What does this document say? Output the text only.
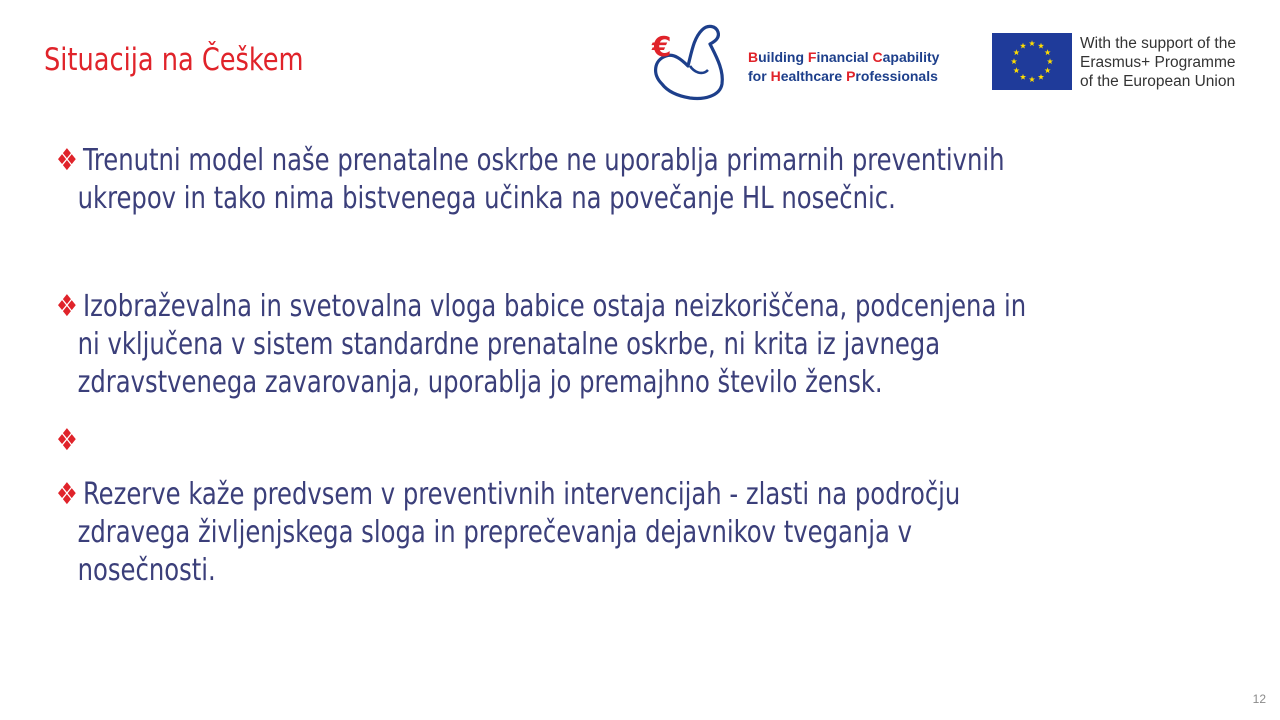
Situacija na Češkem	€	Building Financial Capability
for Healthcare Professionals
With the support of the
Erasmus+ Programme
of the European Union
❖ Trenutni model naše prenatalne oskrbe ne uporablja primarnih preventivnih
ukrepov in tako nima bistvenega učinka na povečanje HL nosečnic.
❖ Izobraževalna in svetovalna vloga babice ostaja neizkoriščena, podcenjena in
ni vključena v sistem standardne prenatalne oskrbe, ni krita iz javnega
zdravstvenega zavarovanja, uporablja jo premajhno število žensk.
❖
❖ Rezerve kaže predvsem v preventivnih intervencijah - zlasti na področju
zdravega življenjskega sloga in preprečevanja dejavnikov tveganja v
nosečnosti.
12
